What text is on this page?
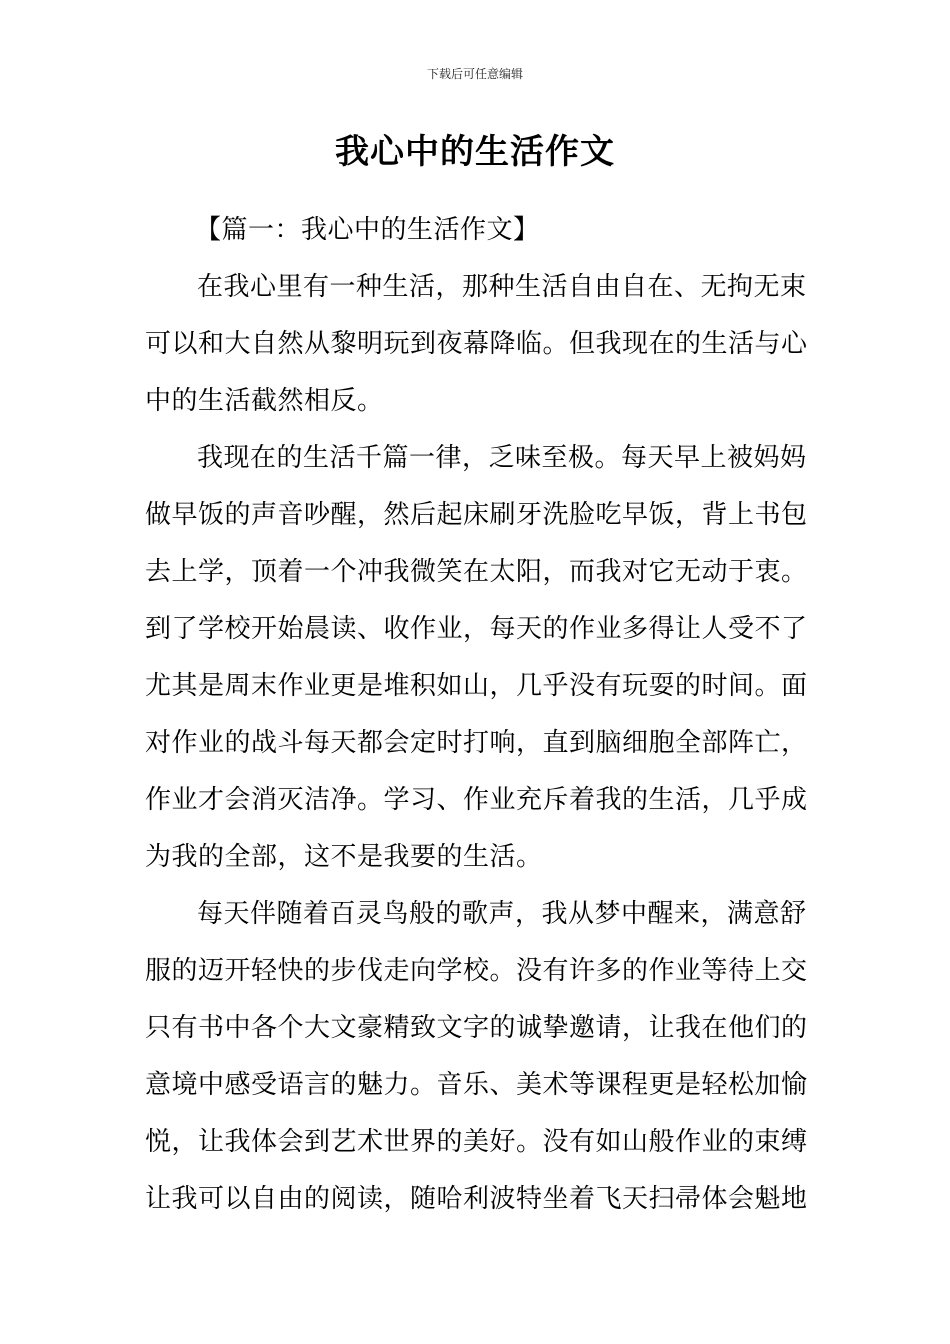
下载后可任意编辑
我心中的生活作文

【篇一：我心中的生活作文】

在我心里有一种生活，那种生活自由自在、无拘无束

可以和大自然从黎明玩到夜幕降临。但我现在的生活与心

中的生活截然相反。

我现在的生活千篇一律，乏味至极。每天早上被妈妈

做早饭的声音吵醒，然后起床刷牙洗脸吃早饭，背上书包

去上学，顶着一个冲我微笑在太阳，而我对它无动于衷。

到了学校开始晨读、收作业，每天的作业多得让人受不了

尤其是周末作业更是堆积如山，几乎没有玩耍的时间。面

对作业的战斗每天都会定时打响，直到脑细胞全部阵亡，

作业才会消灭洁净。学习、作业充斥着我的生活，几乎成

为我的全部，这不是我要的生活。

每天伴随着百灵鸟般的歌声，我从梦中醒来，满意舒

服的迈开轻快的步伐走向学校。没有许多的作业等待上交

只有书中各个大文豪精致文字的诚挚邀请，让我在他们的

意境中感受语言的魅力。音乐、美术等课程更是轻松加愉

悦，让我体会到艺术世界的美好。没有如山般作业的束缚

让我可以自由的阅读，随哈利波特坐着飞天扫帚体会魁地
